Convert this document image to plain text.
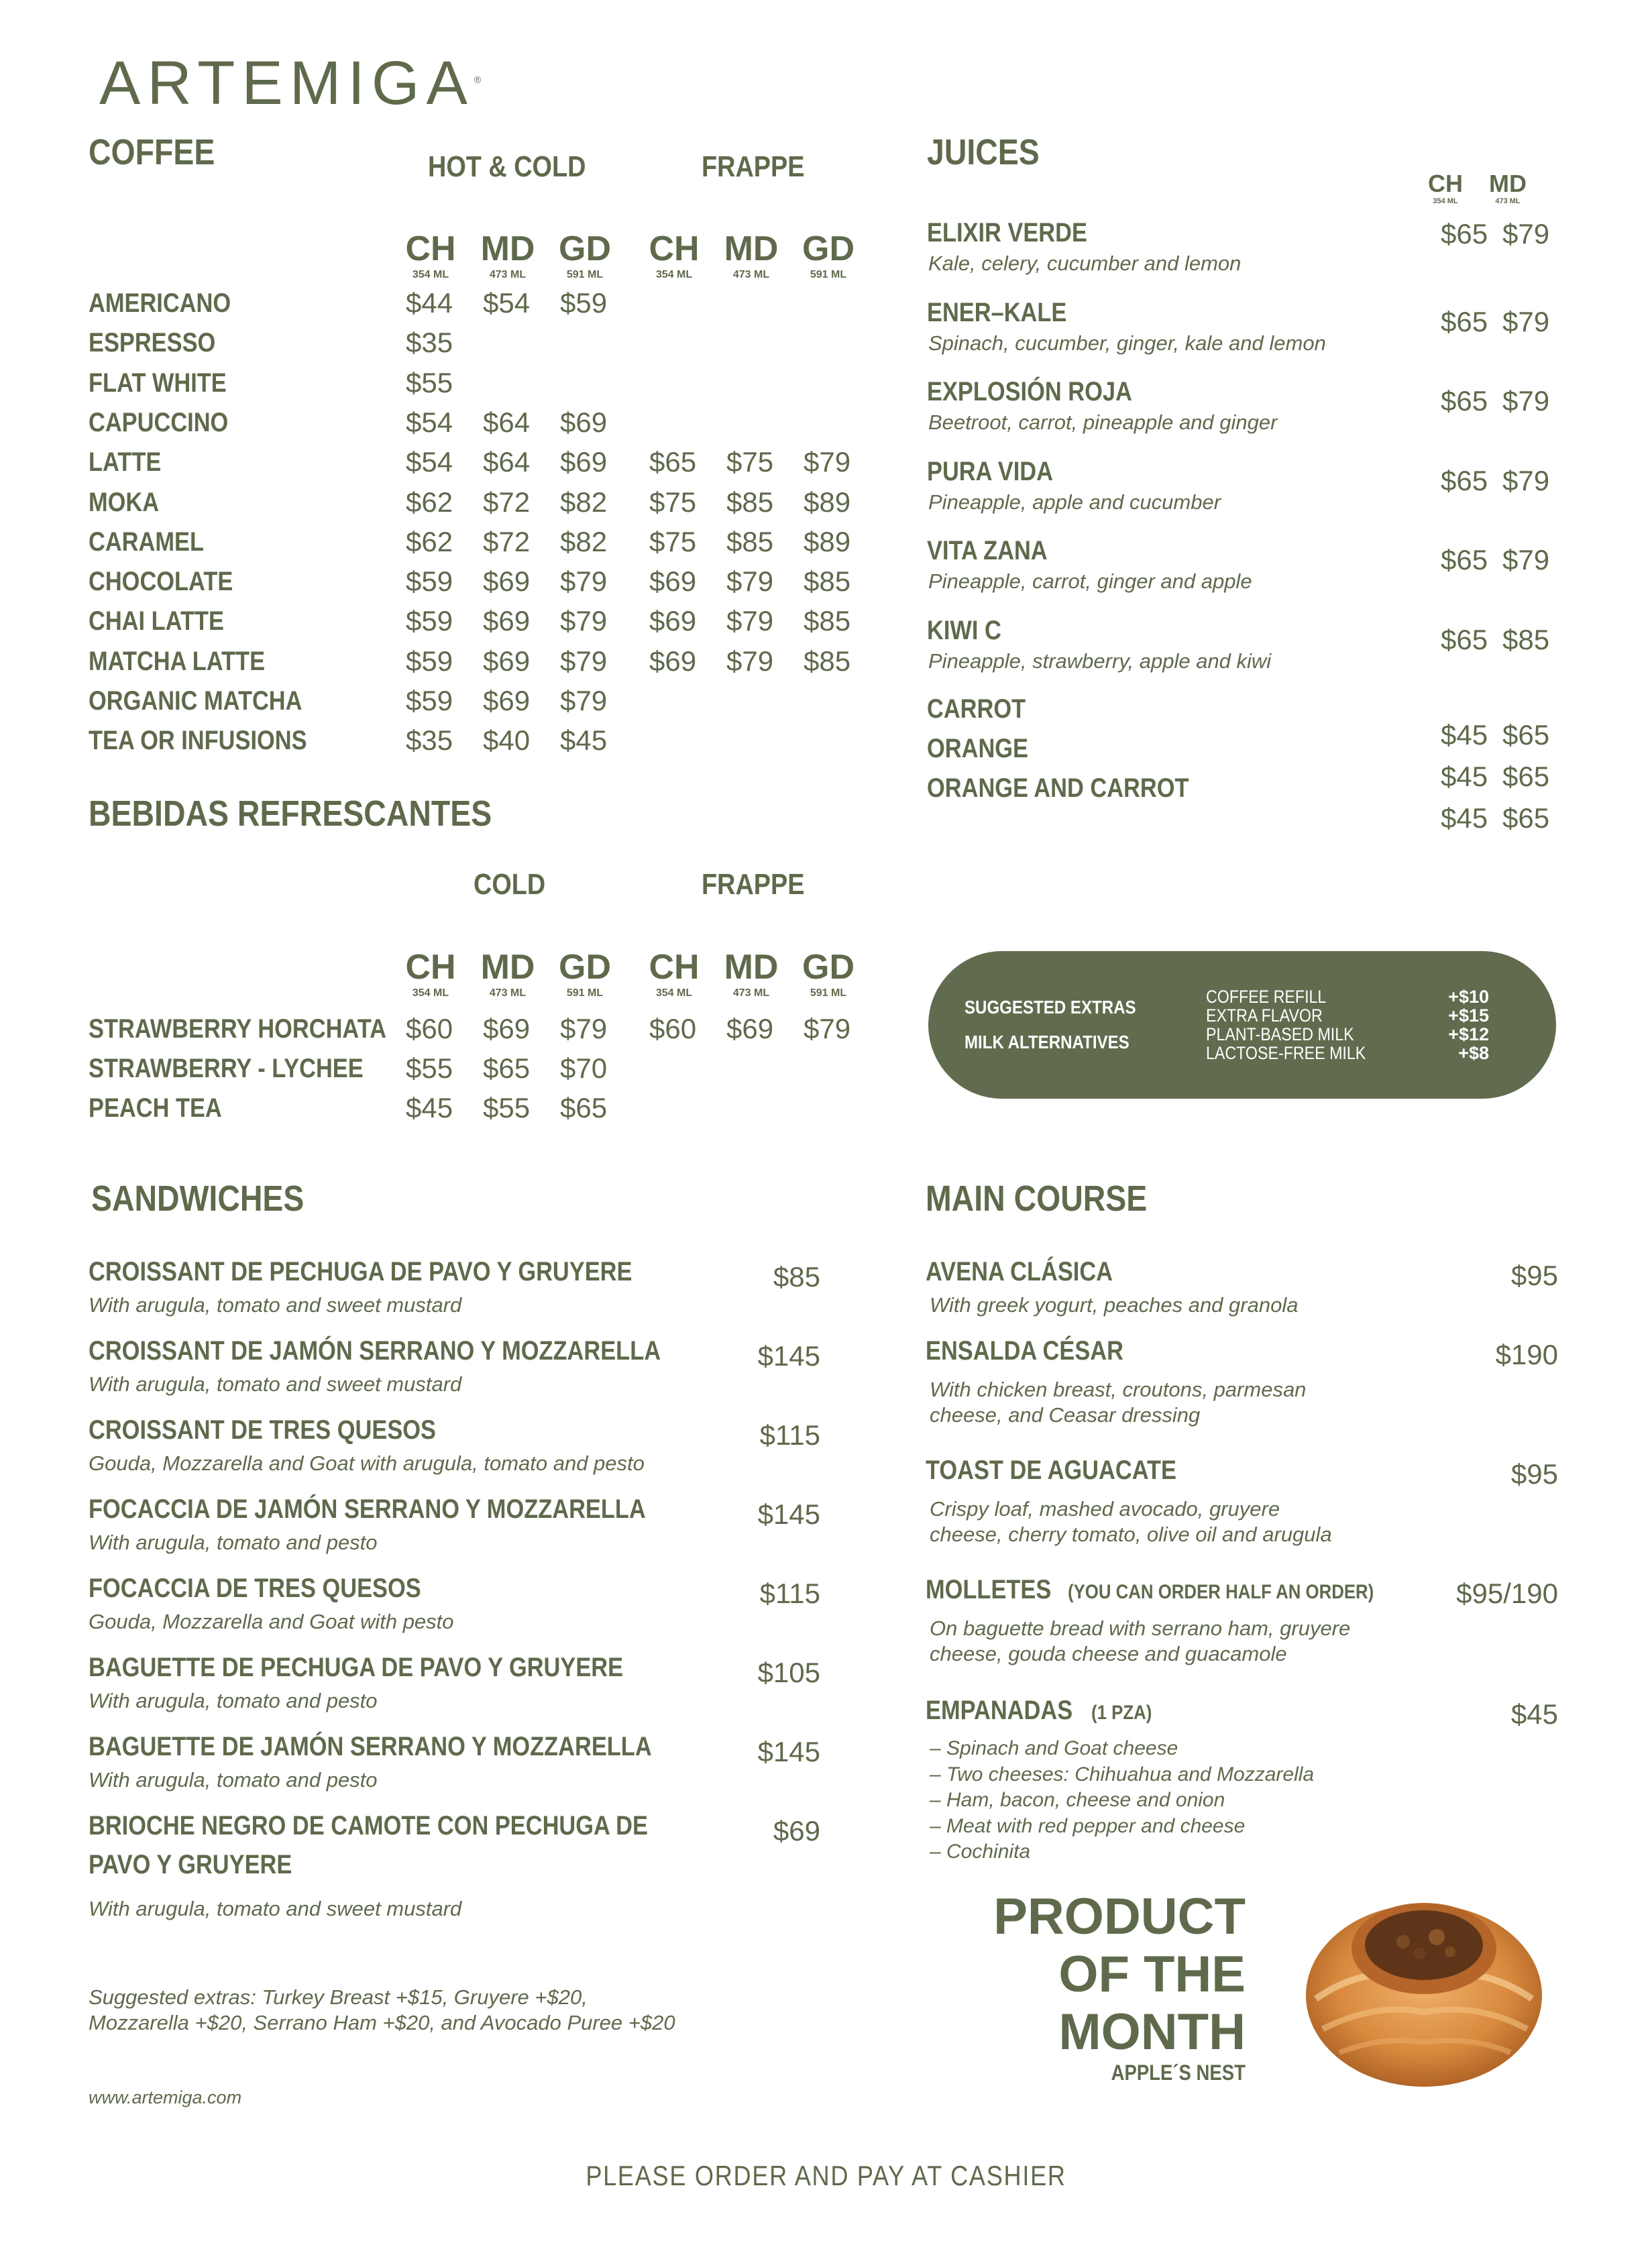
ARTEMIGA®
COFFEE	HOT & COLD	FRAPPE
CH
354 ML
MD
473 ML
GD
591 ML
CH
354 ML
MD
473 ML
GD
591 ML
AMERICANO	$44 $54 $59
ESPRESSO	$35
FLAT WHITE	$55
CAPUCCINO	$54 $64 $69
LATTE	$54 $64 $69 $65 $75 $79
MOKA	$62 $72 $82 $75 $85 $89
CARAMEL	$62 $72 $82 $75 $85 $89
CHOCOLATE	$59 $69 $79 $69 $79 $85
CHAI LATTE	$59 $69 $79 $69 $79 $85
MATCHA LATTE	$59 $69 $79 $69 $79 $85
ORGANIC MATCHA	$59 $69 $79
TEA OR INFUSIONS	$35 $40 $45
BEBIDAS REFRESCANTES
COLD	FRAPPE
CH
354 ML
MD
473 ML
GD
591 ML
CH
354 ML
MD
473 ML
GD
591 ML
STRAWBERRY HORCHATA $60 $69 $79 $60 $69 $79
STRAWBERRY - LYCHEE	$55 $65 $70
PEACH TEA	$45 $55 $65
JUICES
CH
354 ML
MD
473 ML
ELIXIR VERDE
Kale, celery, cucumber and lemon
$65 $79
ENER–KALE
Spinach, cucumber, ginger, kale and lemon
$65 $79
EXPLOSIÓN ROJA
Beetroot, carrot, pineapple and ginger
$65 $79
PURA VIDA
Pineapple, apple and cucumber
$65 $79
VITA ZANA
Pineapple, carrot, ginger and apple
$65 $79
KIWI C
Pineapple, strawberry, apple and kiwi
$65 $85
CARROT
ORANGE
ORANGE AND CARROT
$45 $65
$45 $65
$45 $65
SUGGESTED EXTRAS
MILK ALTERNATIVES
COFFEE REFILL	+$10
EXTRA FLAVOR	+$15
PLANT-BASED MILK	+$12
LACTOSE-FREE MILK	+$8
SANDWICHES
CROISSANT DE PECHUGA DE PAVO Y GRUYERE
With arugula, tomato and sweet mustard
$85
CROISSANT DE JAMÓN SERRANO Y MOZZARELLA
With arugula, tomato and sweet mustard
$145
CROISSANT DE TRES QUESOS
Gouda, Mozzarella and Goat with arugula, tomato and pesto
$115
FOCACCIA DE JAMÓN SERRANO Y MOZZARELLA
With arugula, tomato and pesto
$145
FOCACCIA DE TRES QUESOS
Gouda, Mozzarella and Goat with pesto
$115
BAGUETTE DE PECHUGA DE PAVO Y GRUYERE
With arugula, tomato and pesto
$105
BAGUETTE DE JAMÓN SERRANO Y MOZZARELLA
With arugula, tomato and pesto
$145
BRIOCHE NEGRO DE CAMOTE CON PECHUGA DE
PAVO Y GRUYERE
With arugula, tomato and sweet mustard
$69
Suggested extras: Turkey Breast +$15, Gruyere +$20,
Mozzarella +$20, Serrano Ham +$20, and Avocado Puree +$20
www.artemiga.com
MAIN COURSE
AVENA CLÁSICA
With greek yogurt, peaches and granola
$95
ENSALDA CÉSAR
With chicken breast, croutons, parmesan
cheese, and Ceasar dressing
$190
TOAST DE AGUACATE
Crispy loaf, mashed avocado, gruyere
cheese, cherry tomato, olive oil and arugula
$95
MOLLETES (YOU CAN ORDER HALF AN ORDER)
On baguette bread with serrano ham, gruyere
cheese, gouda cheese and guacamole
$95/190
EMPANADAS (1 PZA)	$45
– Spinach and Goat cheese
– Two cheeses: Chihuahua and Mozzarella
– Ham, bacon, cheese and onion
– Meat with red pepper and cheese
– Cochinita
PRODUCT
OF THE
MONTH
APPLE´S NEST
PLEASE ORDER AND PAY AT CASHIER
